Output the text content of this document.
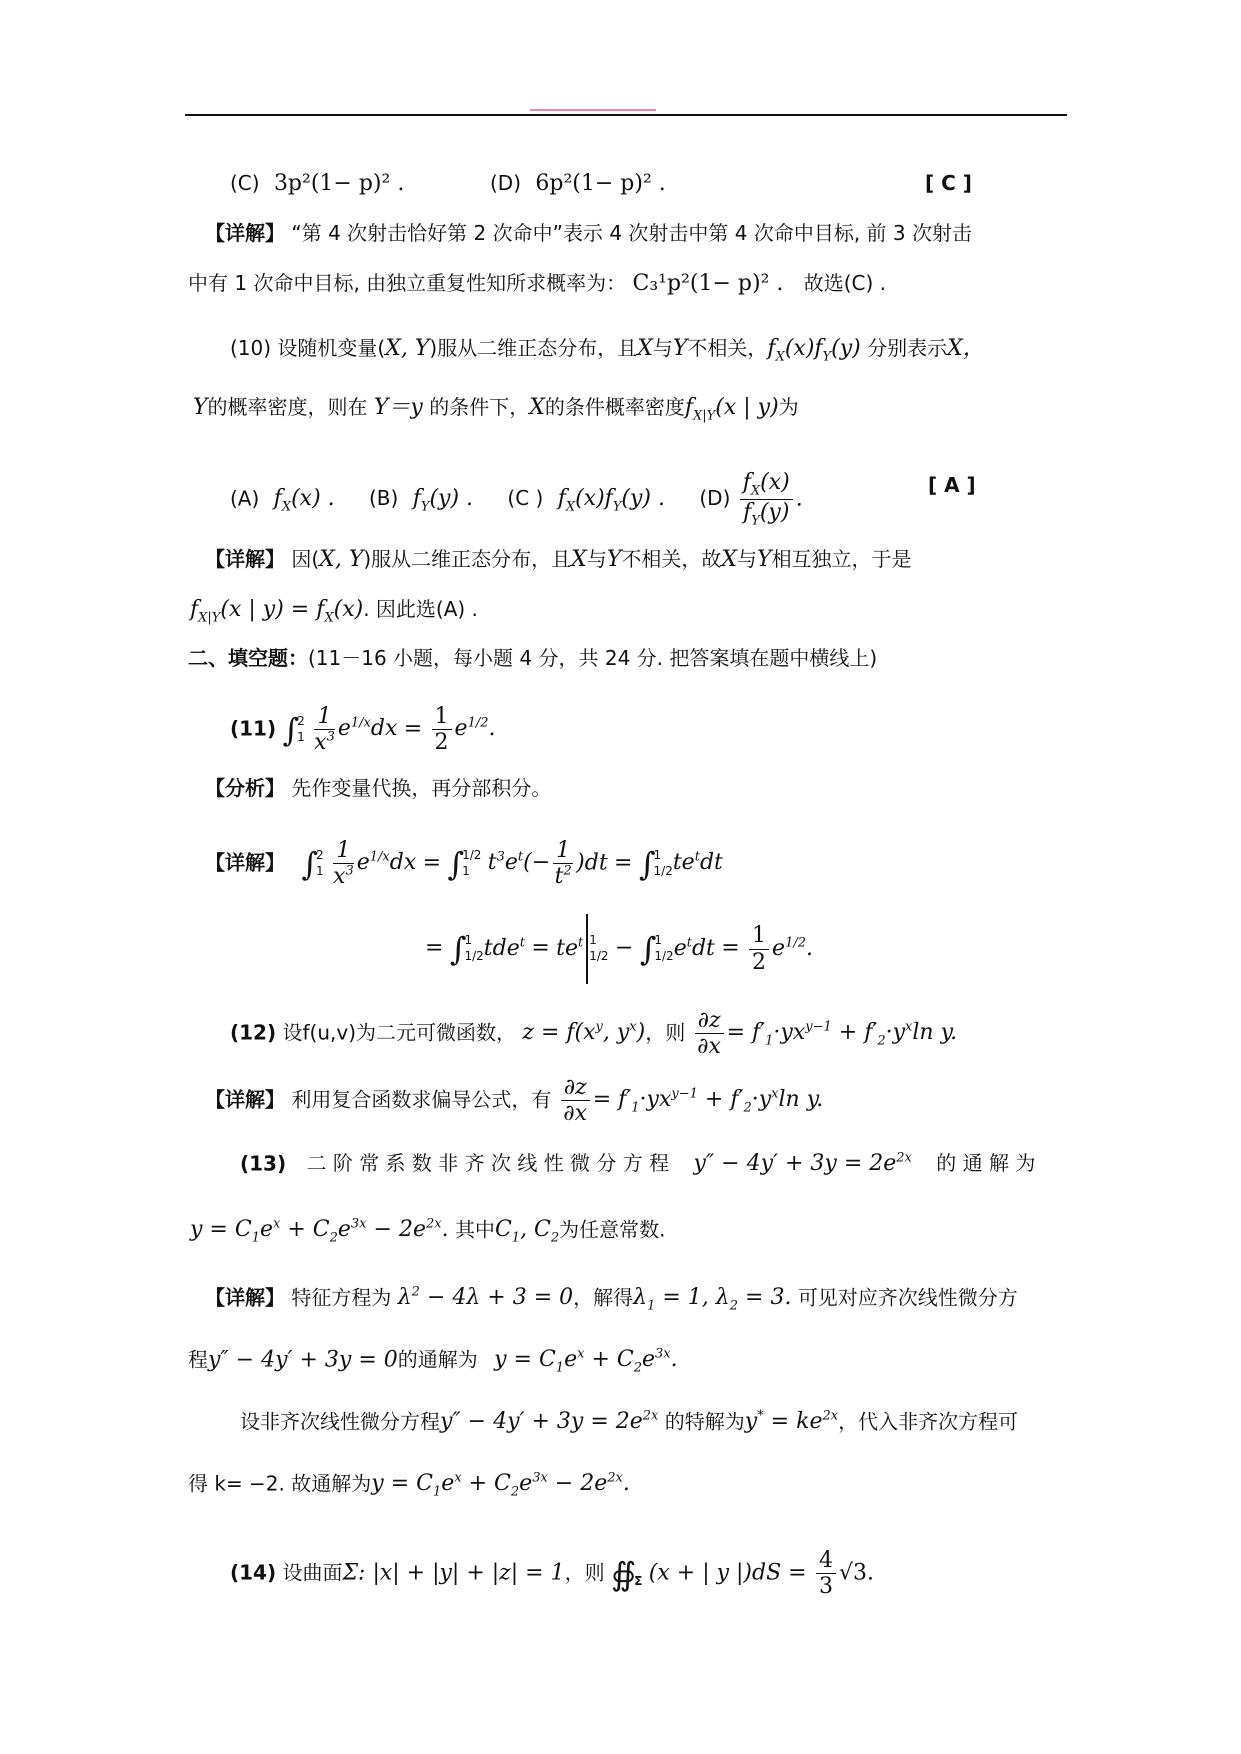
(C) 3p²(1− p)² .	(D) 6p²(1− p)² .	[ C ]
【详解】 “第 4 次射击恰好第 2 次命中”表示 4 次射击中第 4 次命中目标, 前 3 次射击
中有 1 次命中目标, 由独立重复性知所求概率为： C₃¹p²(1− p)² . 故选(C) .
(10) 设随机变量(X, Y)服从二维正态分布，且X与Y不相关，$f_X(x)f_Y(y)$ 分别表示X，
Y的概率密度，则在 Y＝y 的条件下，X的条件概率密度$f_{X|Y}(x$ | y)为
(A) $f_X(x)$ . (B) $f_Y(y)$ . (C ) $f_X(x)f_Y(y)$ . $(D) \frac{f_X(x)}{f_Y(y)}$ .
[ A ]
【详解】 因(X, Y)服从二维正态分布，且X与Y不相关，故X与Y相互独立，于是
$f_{X|Y}(x$ | $y) = f_X(x)$. 因此选(A) .
二、填空题：(11－16 小题，每小题 4 分，共 24 分. 把答案填在题中横线上)
(11) ∫
2
1
$\frac{1}{x^3} e^{1/x}dx = \frac{1}{2} e^{1/2}$.
【分析】 先作变量代换，再分部积分。
【详解】 ∫
2
1
$\frac{1}{x^3} e^{1/x}dx$ = ∫
1/2
1 $t^3e^t(- \frac{1}{t^2} )dt$ = ∫
1
1/2 $te^tdt$
= ∫
1
1/2 $tde^t = te^t$ 1
1/2 − ∫
1
1/2 $e^tdt = \frac{1}{2} e^{1/2}$.
(12) 设f(u,v)为二元可微函数， $z = f(x^y$, $y^x$)，则 $\frac{\partial z}{\partial x} = f'_1\cdot yx^{y-1} + f'_2\cdot y^x\ln$ y.
【详解】 利用复合函数求偏导公式，有 $\frac{\partial z}{\partial x} = f'_1\cdot yx^{y-1} + f'_2\cdot y^x\ln$ y.
(13) 二 阶 常 系 数 非 齐 次 线 性 微 分 方 程 $y'' - 4y' + 3y = 2e^{2x}$ 的 通 解 为
$y = C_1e^x + C_2e^{3x} - 2e^{2x}$. 其中$C_1$, $C_2$为任意常数.
【详解】 特征方程为 $\lambda^2 - 4\lambda + 3 = 0$，解得$\lambda_1 = 1$, $\lambda_2 = 3$. 可见对应齐次线性微分方
程y″ − 4y′ + 3y = 0的通解为 $y = C_1e^x + C_2e^{3x}$.
设非齐次线性微分方程$y'' - 4y' + 3y = 2e^{2x}$ 的特解为$y^* = ke^{2x}$，代入非齐次方程可
得 k= −2. 故通解为$y = C_1e^x + C_2e^{3x} - 2e^{2x}$.
(14) 设曲面Σ: |x| + |y| + |z| = 1，则 ∯

Σ (x + | y $|)dS = \frac{4}{3} √3$.
